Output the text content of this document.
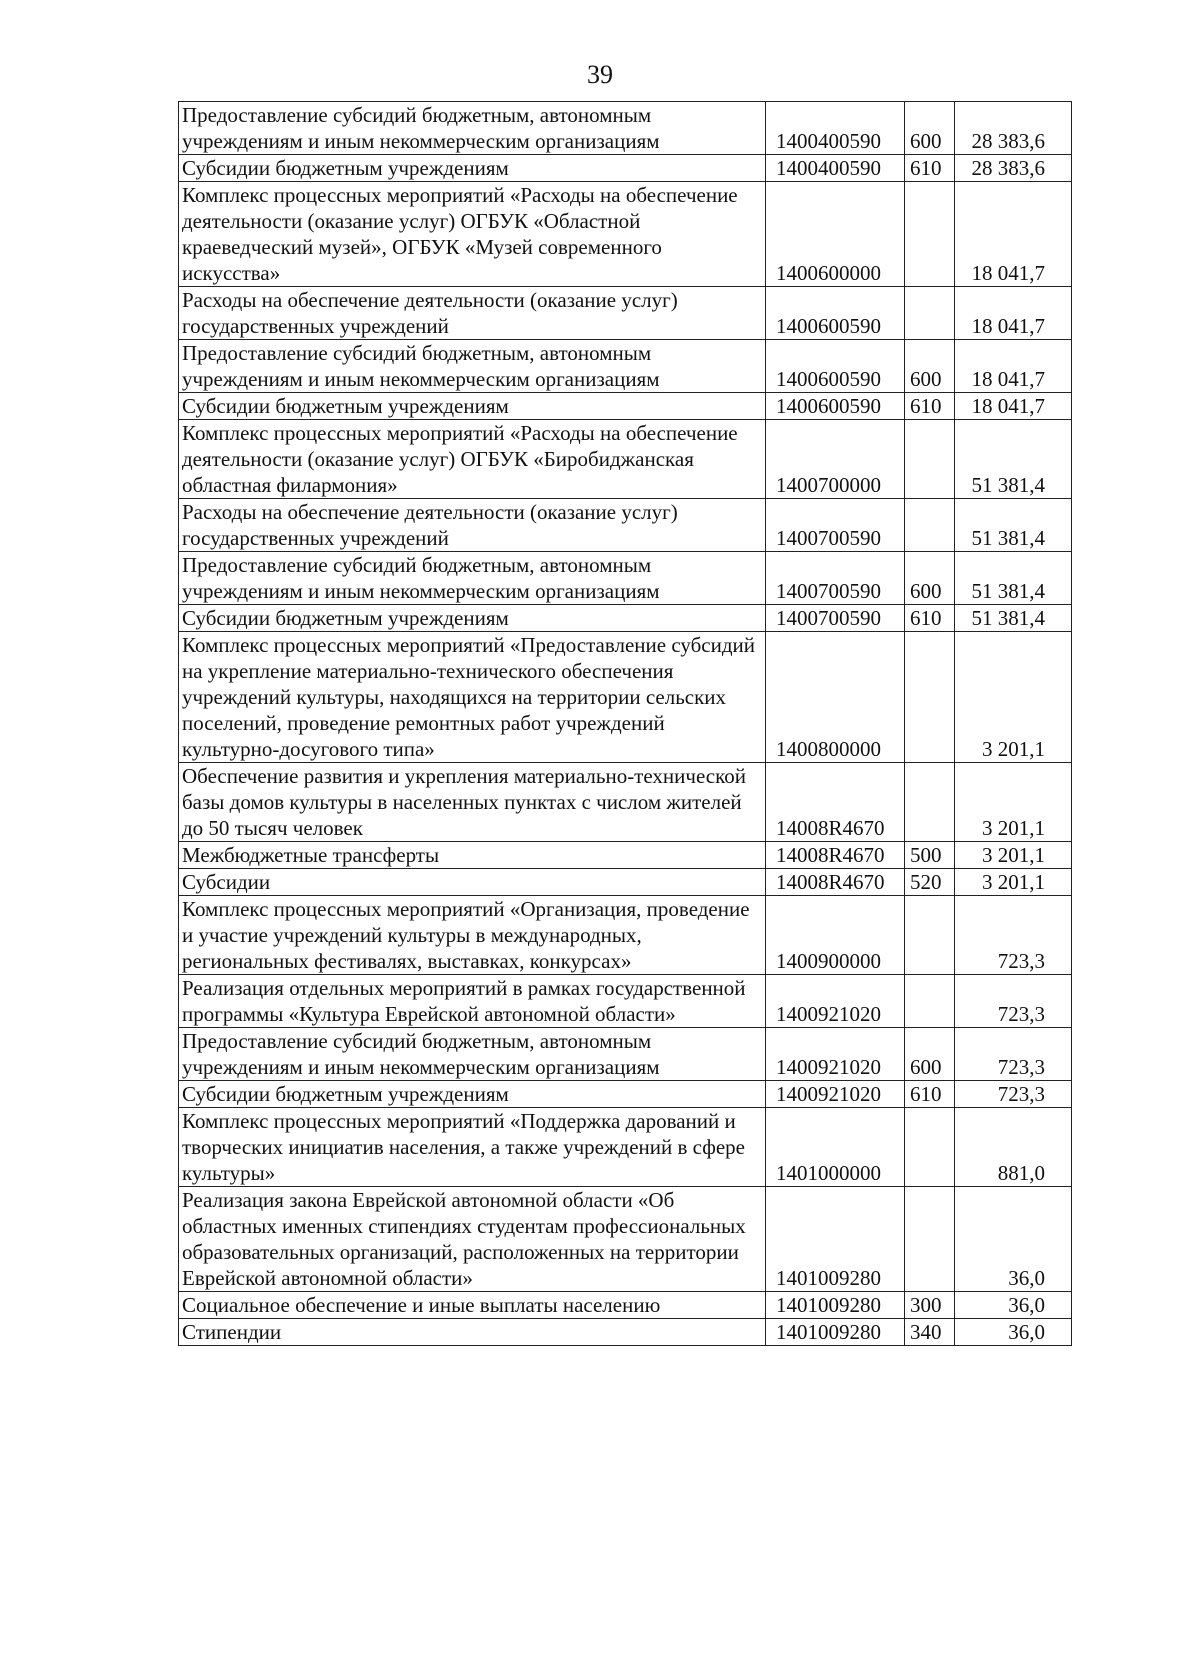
39
Предоставление субсидий бюджетным, автономным учреждениям и иным некоммерческим организациям	1400400590	600	28 383,6
Субсидии бюджетным учреждениям	1400400590	610	28 383,6
Комплекс процессных мероприятий «Расходы на обеспечение деятельности (оказание услуг) ОГБУК «Областной краеведческий музей», ОГБУК «Музей современного искусства»	1400600000		18 041,7
Расходы на обеспечение деятельности (оказание услуг) государственных учреждений	1400600590		18 041,7
Предоставление субсидий бюджетным, автономным учреждениям и иным некоммерческим организациям	1400600590	600	18 041,7
Субсидии бюджетным учреждениям	1400600590	610	18 041,7
Комплекс процессных мероприятий «Расходы на обеспечение деятельности (оказание услуг) ОГБУК «Биробиджанская областная филармония»	1400700000		51 381,4
Расходы на обеспечение деятельности (оказание услуг) государственных учреждений	1400700590		51 381,4
Предоставление субсидий бюджетным, автономным учреждениям и иным некоммерческим организациям	1400700590	600	51 381,4
Субсидии бюджетным учреждениям	1400700590	610	51 381,4
Комплекс процессных мероприятий «Предоставление субсидий на укрепление материально-технического обеспечения учреждений культуры, находящихся на территории сельских поселений, проведение ремонтных работ учреждений культурно-досугового типа»	1400800000		3 201,1
Обеспечение развития и укрепления материально-технической базы домов культуры в населенных пунктах с числом жителей до 50 тысяч человек	14008R4670		3 201,1
Межбюджетные трансферты	14008R4670	500	3 201,1
Субсидии	14008R4670	520	3 201,1
Комплекс процессных мероприятий «Организация, проведение и участие учреждений культуры в международных, региональных фестивалях, выставках, конкурсах»	1400900000		723,3
Реализация отдельных мероприятий в рамках государственной программы «Культура Еврейской автономной области»	1400921020		723,3
Предоставление субсидий бюджетным, автономным учреждениям и иным некоммерческим организациям	1400921020	600	723,3
Субсидии бюджетным учреждениям	1400921020	610	723,3
Комплекс процессных мероприятий «Поддержка дарований и творческих инициатив населения, а также учреждений в сфере культуры»	1401000000		881,0
Реализация закона Еврейской автономной области «Об областных именных стипендиях студентам профессиональных образовательных организаций, расположенных на территории Еврейской автономной области»	1401009280		36,0
Социальное обеспечение и иные выплаты населению	1401009280	300	36,0
Стипендии	1401009280	340	36,0
